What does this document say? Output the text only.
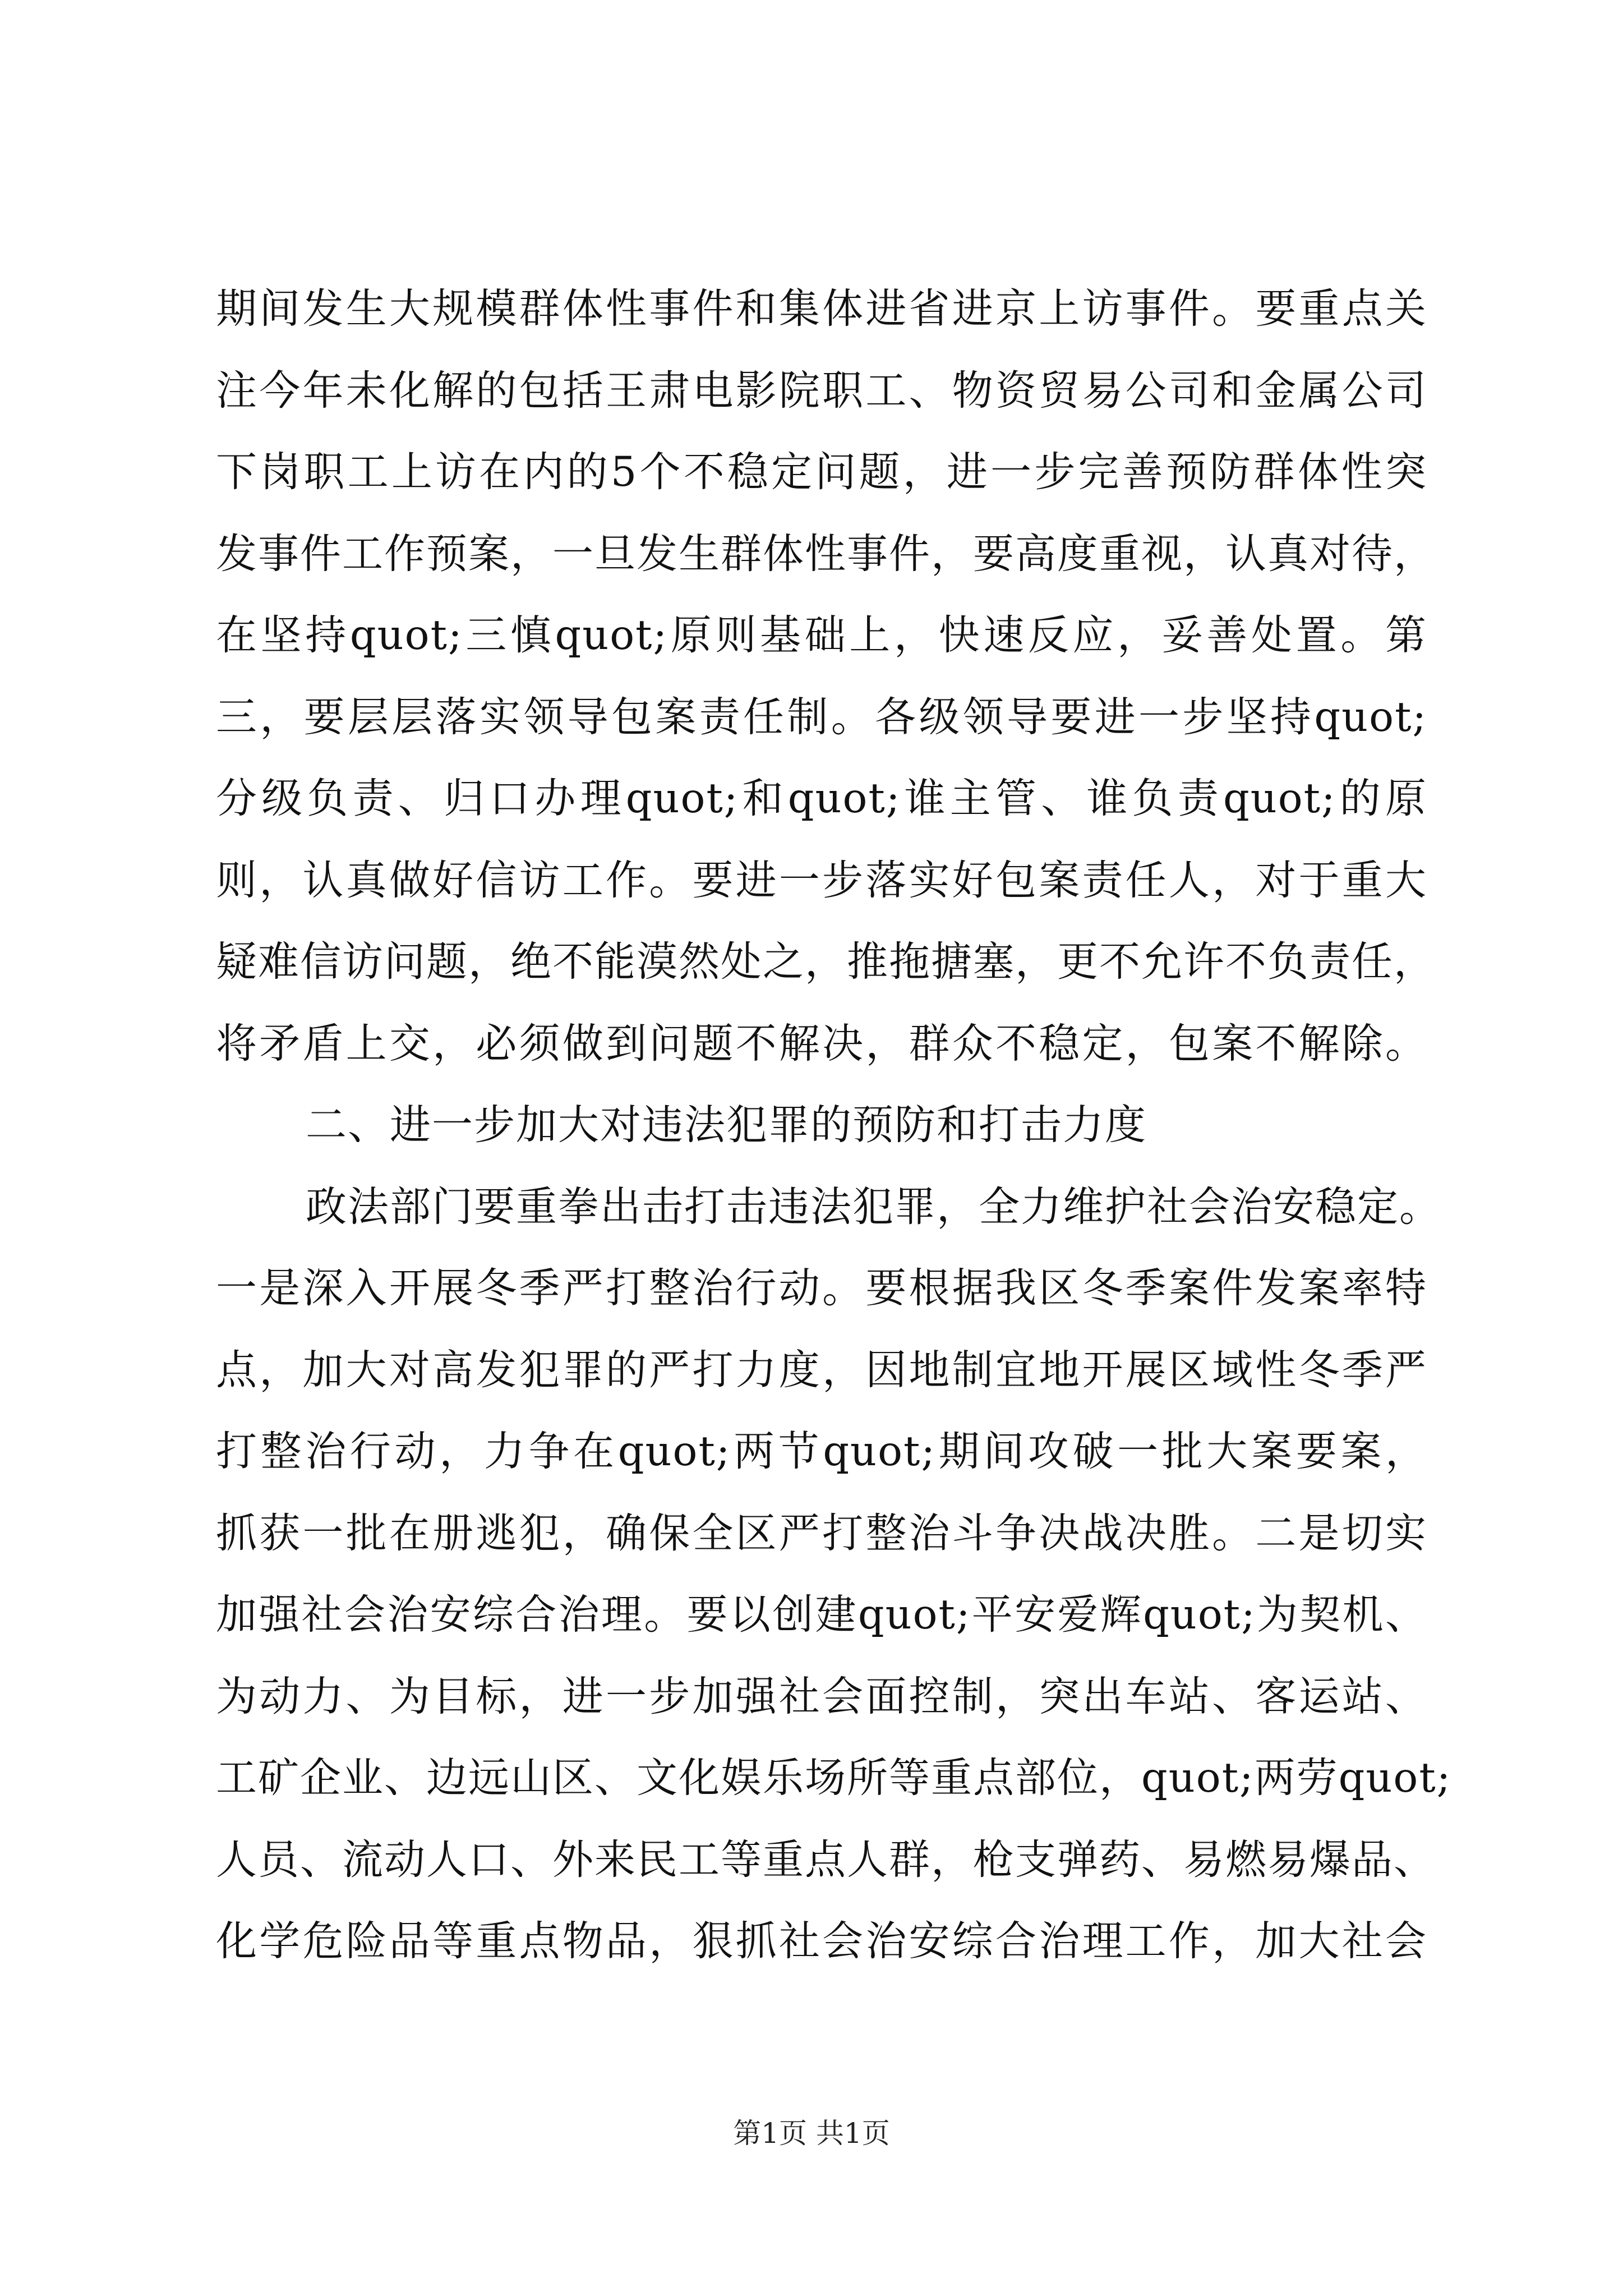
期间发生大规模群体性事件和集体进省进京上访事件。要重点关
注今年未化解的包括王肃电影院职工、物资贸易公司和金属公司
下岗职工上访在内的5个不稳定问题，进一步完善预防群体性突
发事件工作预案，一旦发生群体性事件，要高度重视，认真对待，
在坚持quot;三慎quot;原则基础上，快速反应，妥善处置。第
三，要层层落实领导包案责任制。各级领导要进一步坚持quot;
分级负责、归口办理quot;和quot;谁主管、谁负责quot;的原
则，认真做好信访工作。要进一步落实好包案责任人，对于重大
疑难信访问题，绝不能漠然处之，推拖搪塞，更不允许不负责任，
将矛盾上交，必须做到问题不解决，群众不稳定，包案不解除。
二、进一步加大对违法犯罪的预防和打击力度
政法部门要重拳出击打击违法犯罪，全力维护社会治安稳定。
一是深入开展冬季严打整治行动。要根据我区冬季案件发案率特
点，加大对高发犯罪的严打力度，因地制宜地开展区域性冬季严
打整治行动，力争在quot;两节quot;期间攻破一批大案要案，
抓获一批在册逃犯，确保全区严打整治斗争决战决胜。二是切实
加强社会治安综合治理。要以创建quot;平安爱辉quot;为契机、
为动力、为目标，进一步加强社会面控制，突出车站、客运站、
工矿企业、边远山区、文化娱乐场所等重点部位，quot;两劳quot;
人员、流动人口、外来民工等重点人群，枪支弹药、易燃易爆品、
化学危险品等重点物品，狠抓社会治安综合治理工作，加大社会
第1页 共1页
